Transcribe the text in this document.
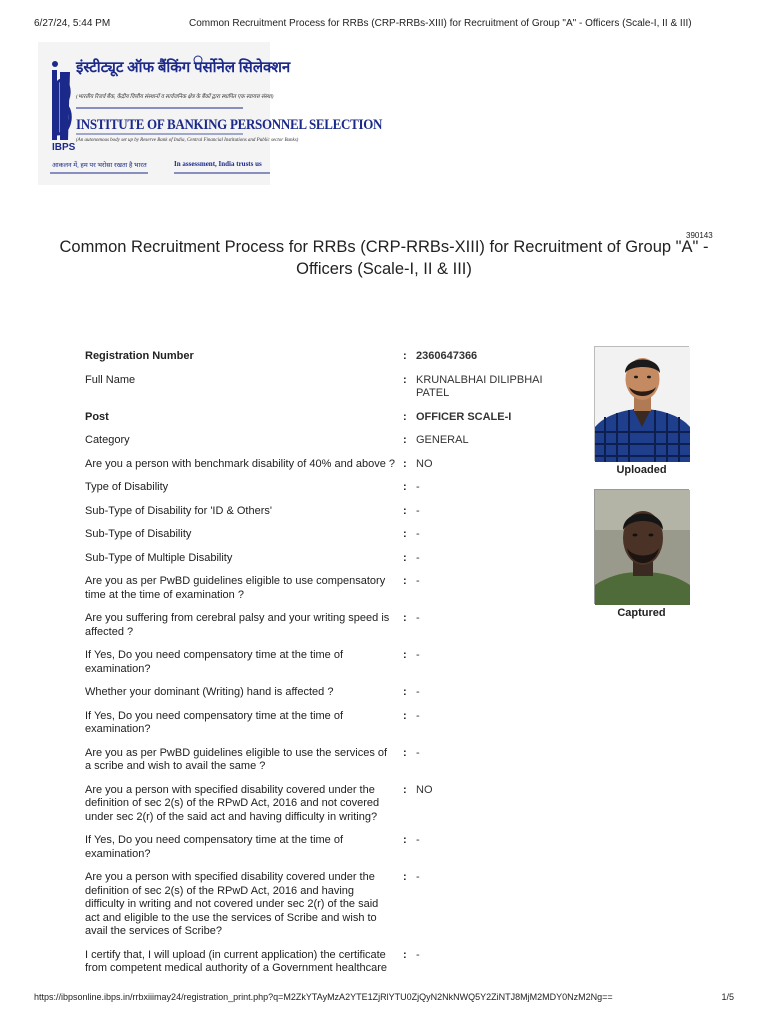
6/27/24, 5:44 PM	Common Recruitment Process for RRBs (CRP-RRBs-XIII) for Recruitment of Group "A" - Officers (Scale-I, II & III)
इंस्टीट्यूट ऑफ बैंकिंग पर्सोनेल सिलेक्शन
(भारतीय रिजर्व बैंक, केंद्रीय वित्तीय संस्थानों व सार्वजनिक क्षेत्र के बैंकों द्वारा स्थापित एक स्वायत्त संस्था)
INSTITUTE OF BANKING PERSONNEL SELECTION
(An autonomous body set up by Reserve Bank of India, Central Financial Institutions and Public sector Banks)
IBPS
आकलन में, हम पर भरोसा रखता है भारत	In assessment, India trusts us
390143
Common Recruitment Process for RRBs (CRP-RRBs-XIII) for Recruitment of Group "A" - Officers (Scale-I, II & III)
Registration Number	: 2360647366
Full Name	: KRUNALBHAI DILIPBHAI PATEL
Post	: OFFICER SCALE-I
Category	: GENERAL
Are you a person with benchmark disability of 40% and above ? : NO
Type of Disability	: -
Sub-Type of Disability for 'ID & Others'	: -
Sub-Type of Disability	: -
Sub-Type of Multiple Disability	: -
Are you as per PwBD guidelines eligible to use compensatory time at the time of examination ?
: -
Are you suffering from cerebral palsy and your writing speed is affected ?
: -
If Yes, Do you need compensatory time at the time of examination?
: -
Whether your dominant (Writing) hand is affected ?	: -
If Yes, Do you need compensatory time at the time of examination?
: -
Are you as per PwBD guidelines eligible to use the services of a scribe and wish to avail the same ?
: -
Are you a person with specified disability covered under the definition of sec 2(s) of the RPwD Act, 2016 and not covered under sec 2(r) of the said act and having difficulty in writing?
: NO
If Yes, Do you need compensatory time at the time of examination?
: -
Are you a person with specified disability covered under the definition of sec 2(s) of the RPwD Act, 2016 and having difficulty in writing and not covered under sec 2(r) of the said act and eligible to the use the services of Scribe and wish to avail the services of Scribe?
: -
I certify that, I will upload (in current application) the certificate from competent medical authority of a Government healthcare
: -
Uploaded
Captured
https://ibpsonline.ibps.in/rrbxiiimay24/registration_print.php?q=M2ZkYTAyMzA2YTE1ZjRlYTU0ZjQyN2NkNWQ5Y2ZiNTJ8MjM2MDY0NzM2Ng==	1/5
